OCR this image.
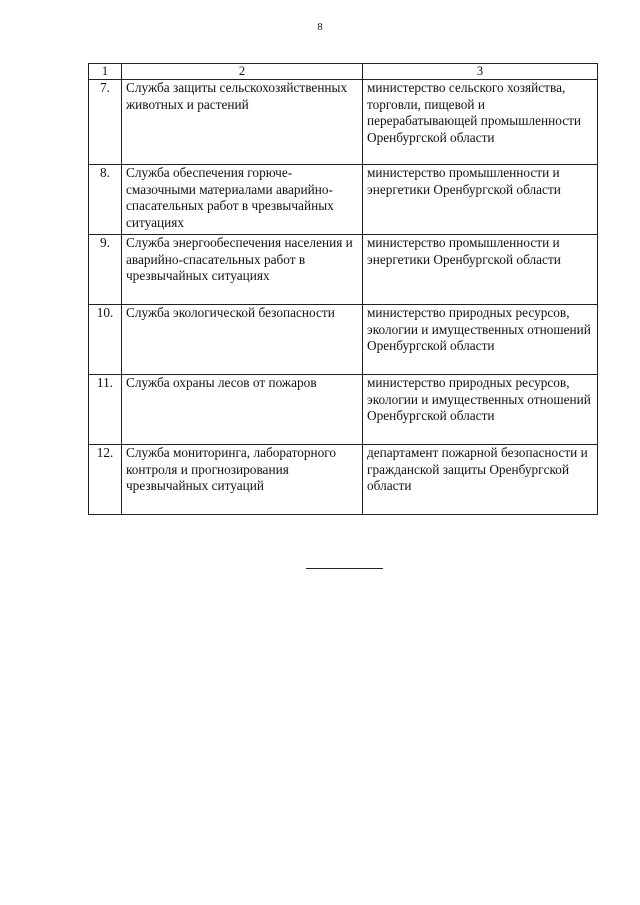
8
1	2	3
7.	Служба защиты сельскохозяйственных животных и растений	министерство сельского хозяйства, торговли, пищевой и перерабатывающей промышленности Оренбургской области
8.	Служба обеспечения горюче-смазочными материалами аварийно-спасательных работ в чрезвычайных ситуациях	министерство промышленности и энергетики Оренбургской области
9.	Служба энергообеспечения населения и аварийно-спасательных работ в чрезвычайных ситуациях	министерство промышленности и энергетики Оренбургской области
10.	Служба экологической безопасности	министерство природных ресурсов, экологии и имущественных отношений Оренбургской области
11.	Служба охраны лесов от пожаров	министерство природных ресурсов, экологии и имущественных отношений Оренбургской области
12.	Служба мониторинга, лабораторного контроля и прогнозирования чрезвычайных ситуаций	департамент пожарной безопасности и гражданской защиты Оренбургской области
